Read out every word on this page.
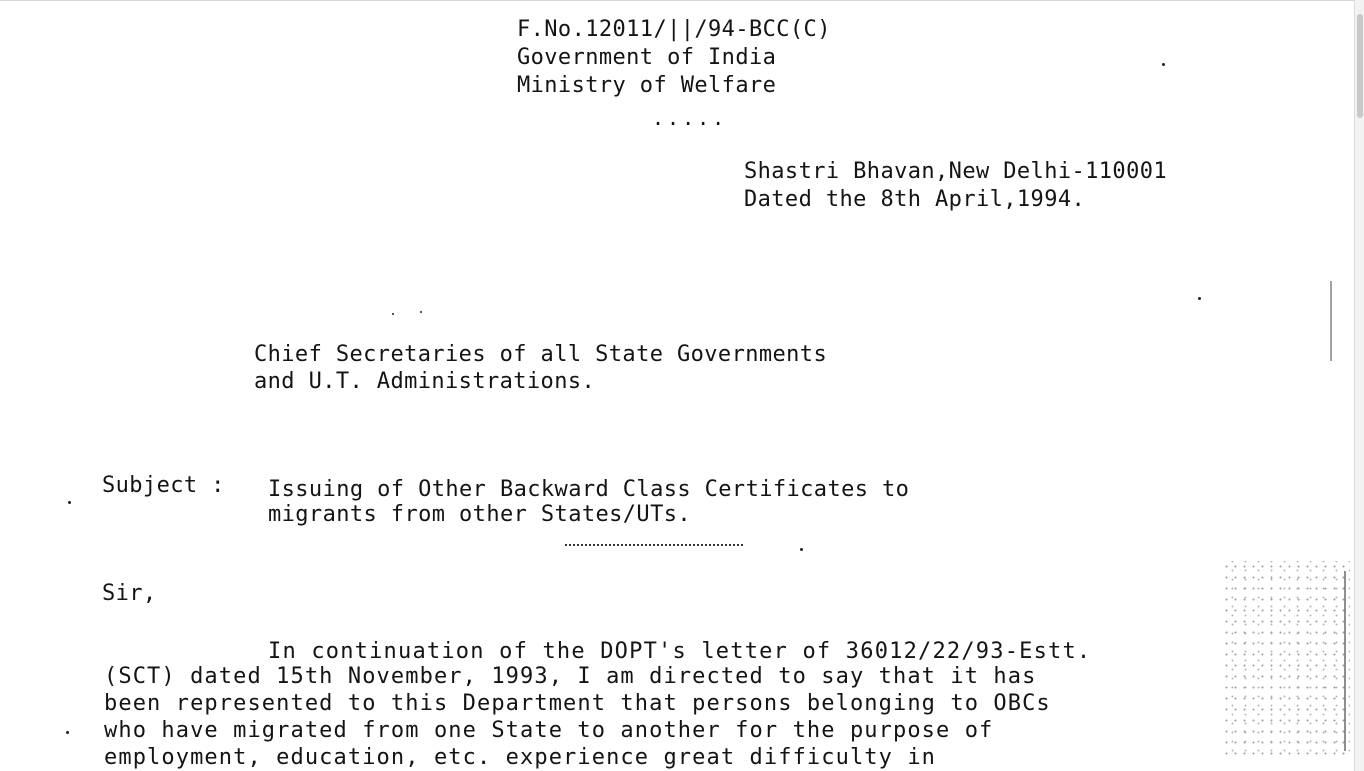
F.No.12011/||/94-BCC(C)
Government of India
Ministry of Welfare
.....
Shastri Bhavan,New Delhi-110001
Dated the 8th April,1994.
Chief Secretaries of all State Governments
and U.T. Administrations.
Subject : Issuing of Other Backward Class Certificates to
migrants from other States/UTs.
Sir,
In continuation of the DOPT's letter of 36012/22/93-Estt.
(SCT) dated 15th November, 1993, I am directed to say that it has
been represented to this Department that persons belonging to OBCs
who have migrated from one State to another for the purpose of
employment, education, etc. experience great difficulty in
